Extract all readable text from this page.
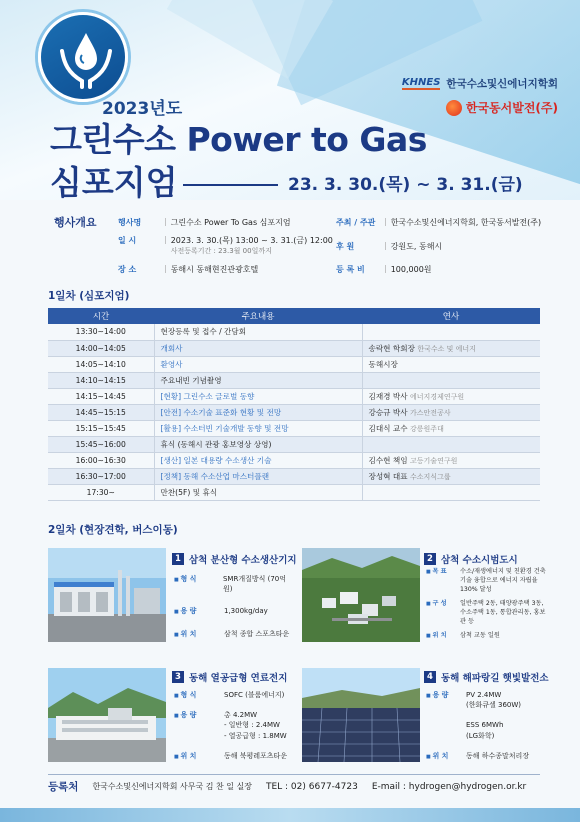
KHNES 한국수소및신에너지학회
한국동서발전(주)
2023년도
그린수소 Power to Gas
심포지엄	23. 3. 30.(목) ~ 3. 31.(금)
행사개요	행사명	| 그린수소 Power To Gas 심포지엄
일 시	| 2023. 3. 30.(목) 13:00 ~ 3. 31.(금) 12:00
사전등록기간 : 23.3월 00일까지
장 소	| 동해시 동해현진관광호텔
주최 / 주관	| 한국수소및신에너지학회, 한국동서발전(주)
후 원	| 강원도, 동해시
등 록 비	| 100,000원
1일차 (심포지엄)
시간	주요내용	연사
13:30~14:00	현장등록 및 접수 / 간담회	
14:00~14:05	개회사	송락현 학회장 한국수소 및 에너지
14:05~14:10	환영사	동해시장
14:10~14:15	주요내빈 기념촬영	
14:15~14:45	[현황] 그린수소 글로벌 동향	김재경 박사 에너지경제연구원
14:45~15:15	[안전] 수소기술 표준화 현황 및 전망	강승규 박사 가스안전공사
15:15~15:45	[활용] 수소터빈 기술개발 동향 및 전망	김대식 교수 강릉원주대
15:45~16:00	휴식 (동해시 관광 홍보영상 상영)	
16:00~16:30	[생산] 일본 대용량 수소생산 기술	김수현 책임 고등기술연구원
16:30~17:00	[정책] 동해 수소산업 마스터플랜	장성혁 대표 수소지식그룹
17:30~	만찬(5F) 및 휴식	
2일차 (현장견학, 버스이동)
1 삼척 분산형 수소생산기지
■ 형 식	SMR개질방식 (70억원)
■ 용 량	1,300kg/day
■ 위 치	삼척 종합 스포츠타운
2 삼척 수소시범도시
■ 목 표	수소/재생에너지 및 친환경 건축기술 융합으로 에너지 자립율 130% 달성
■ 구 성	일반주택 2동, 태양광주택 3동, 수소주택 1동, 통합관리동, 홍보관 등
■ 위 치	삼척 교동 일원
3 동해 열공급형 연료전지
■ 형 식	SOFC (블룸에너지)
■ 용 량	총 4.2MW
- 일반형 : 2.4MW
- 열공급형 : 1.8MW
■ 위 치	동해 북평레포츠타운
4 동해 해파랑길 햇빛발전소
■ 용 량	PV 2.4MW
(한화큐셀 360W)

ESS 6MWh
(LG화학)
■ 위 치	동해 하수종말처리장
등록처 한국수소및신에너지학회 사무국 김 찬 일 실장 TEL : 02) 6677-4723 E-mail : hydrogen@hydrogen.or.kr
